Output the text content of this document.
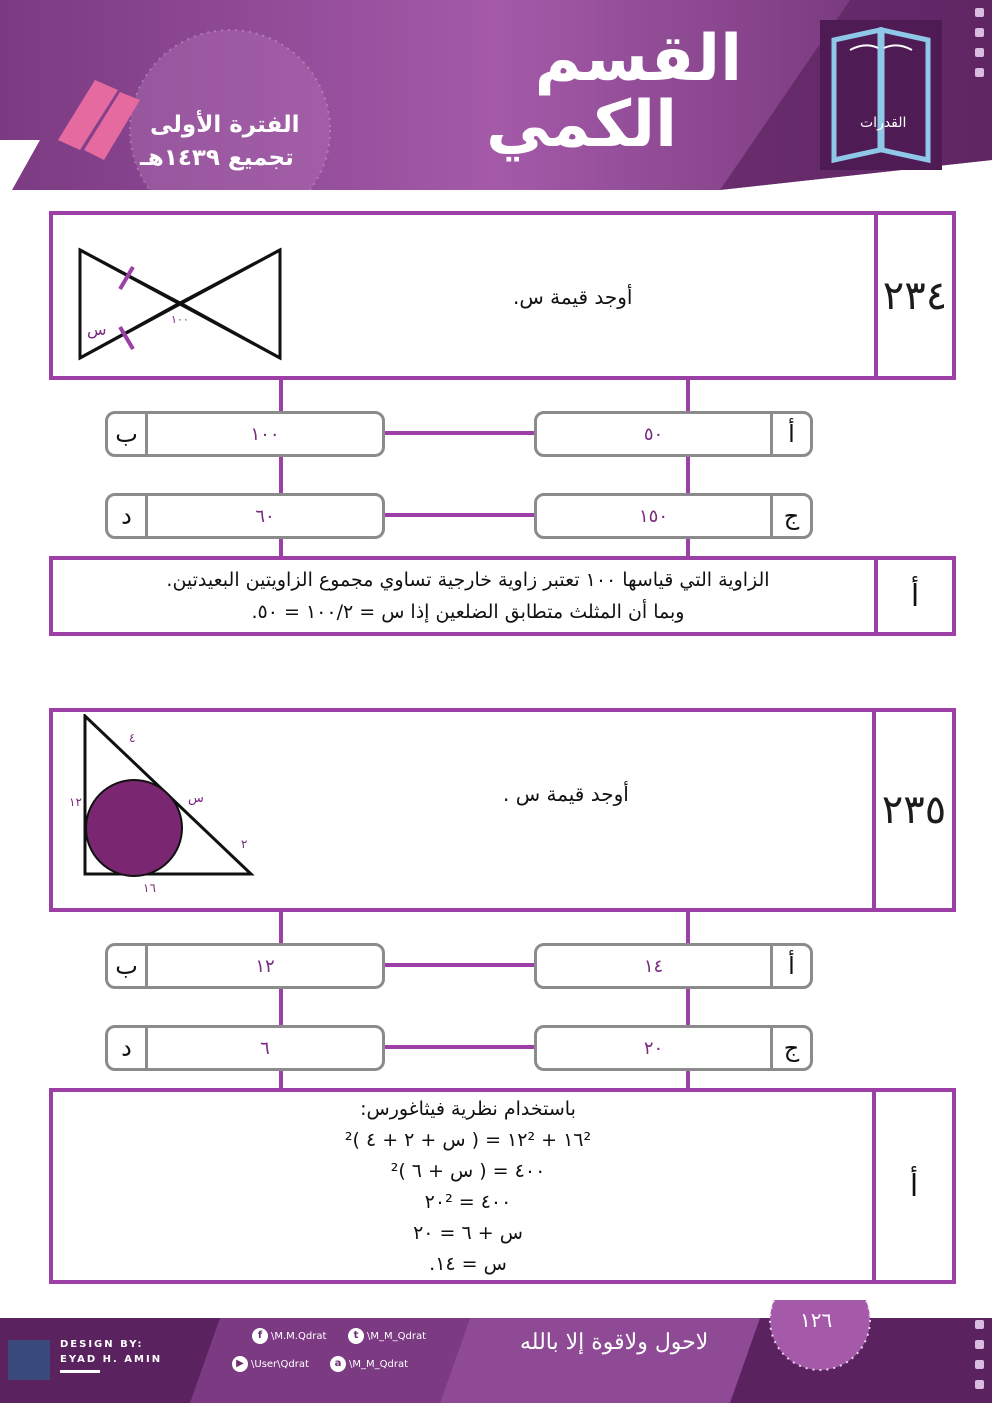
القسم
الكمي
الفترة الأولى
تجميع ١٤٣٩هـ
القدرات
٢٣٤
أوجد قيمة س.
س
١٠٠
٥٠	أ
ب	١٠٠
١٥٠	ج
د	٦٠
أ
الزاوية التي قياسها ١٠٠ تعتبر زاوية خارجية تساوي مجموع الزاويتين البعيدتين.
وبما أن المثلث متطابق الضلعين إذا س = ١٠٠/٢ = ٥٠.
٢٣٥
أوجد قيمة س .
٤
١٢	س
٢
١٦
١٤	أ
ب	١٢
٢٠	ج
د	٦
أ
باستخدام نظرية فيثاغورس:
١٦² + ١٢² = ( س + ٢ + ٤ )²
٤٠٠ = ( س + ٦ )²
٤٠٠ = ٢٠²
س + ٦ = ٢٠
س = ١٤.
DESIGN BY:
EYAD H. AMIN
f \M.M.Qdrat	t \M_M_Qdrat
▶ \User\Qdrat	a \M_M_Qdrat
لاحول ولاقوة إلا بالله
١٢٦
